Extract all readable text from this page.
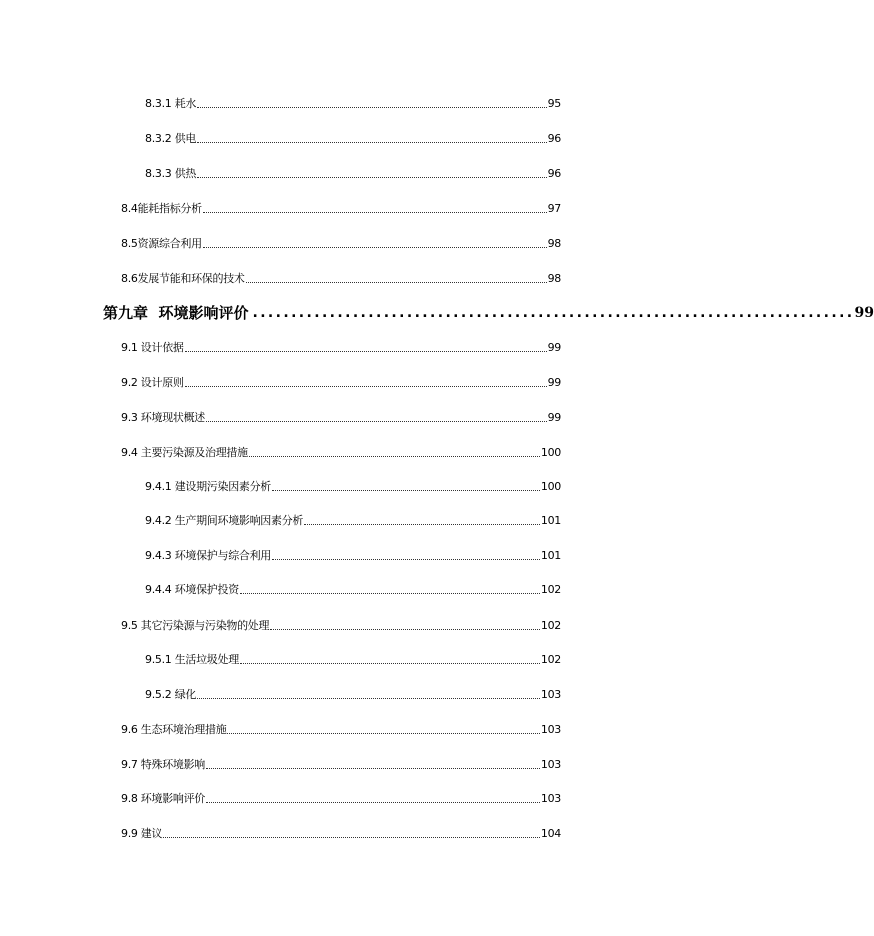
8.3.1 耗水	95
8.3.2 供电	96
8.3.3 供热	96
8.4能耗指标分析	97
8.5资源综合利用	98
8.6发展节能和环保的技术	98
第九章 环境影响评价 .............................................................................. 99
9.1 设计依据	99
9.2 设计原则	99
9.3 环境现状概述	99
9.4 主要污染源及治理措施	100
9.4.1 建设期污染因素分析	100
9.4.2 生产期间环境影响因素分析	101
9.4.3 环境保护与综合利用	101
9.4.4 环境保护投资	102
9.5 其它污染源与污染物的处理	102
9.5.1 生活垃圾处理	102
9.5.2 绿化	103
9.6 生态环境治理措施	103
9.7 特殊环境影响	103
9.8 环境影响评价	103
9.9 建议	104
